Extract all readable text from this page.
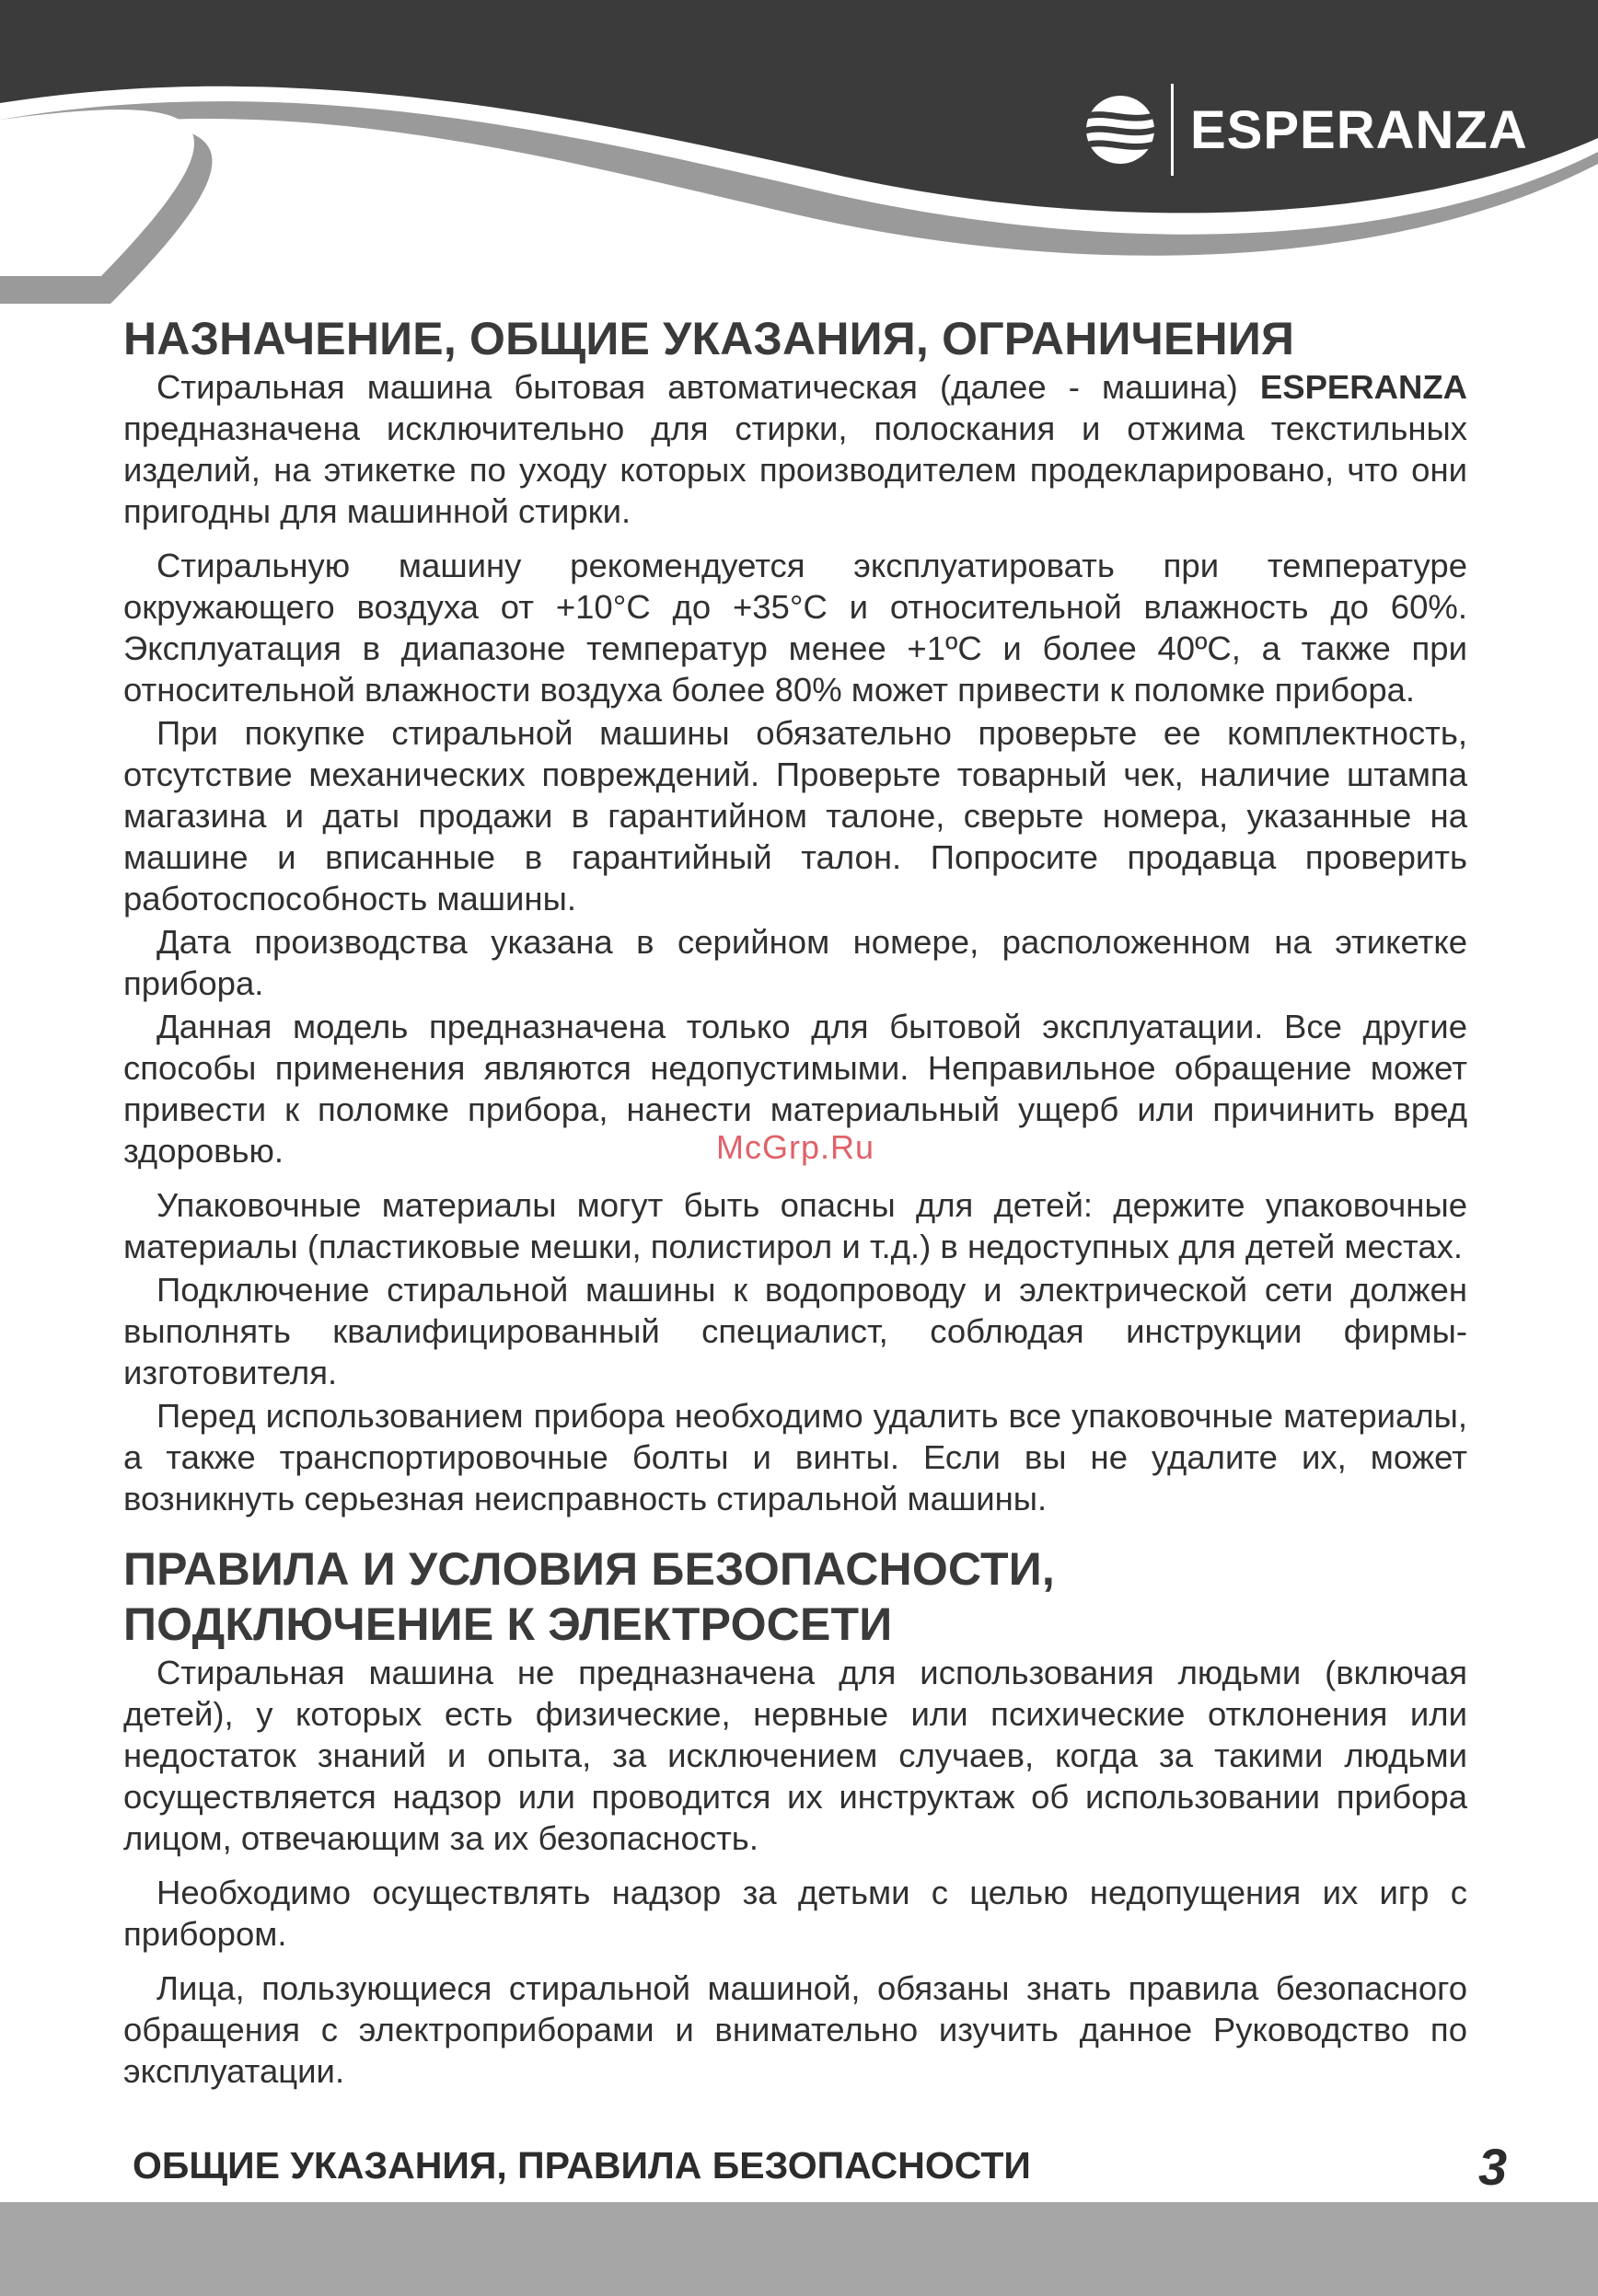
ESPERANZA
НАЗНАЧЕНИЕ, ОБЩИЕ УКАЗАНИЯ, ОГРАНИЧЕНИЯ

Стиральная машина бытовая автоматическая (далее - машина) ESPERANZA предназначена исключительно для стирки, полоскания и отжима текстильных изделий, на этикетке по уходу которых производителем продекларировано, что они пригодны для машинной стирки.

Стиральную машину рекомендуется эксплуатировать при температуре окружающего воздуха от +10°С до +35°С и относительной влажность до 60%. Эксплуатация в диапазоне температур менее +1ºС и более 40ºС, а также при относительной влажности воздуха более 80% может привести к поломке прибора.

При покупке стиральной машины обязательно проверьте ее комплектность, отсутствие механических повреждений. Проверьте товарный чек, наличие штампа магазина и даты продажи в гарантийном талоне, сверьте номера, указанные на машине и вписанные в гарантийный талон. Попросите продавца проверить работоспособность машины.

Дата производства указана в серийном номере, расположенном на этикетке прибора.

Данная модель предназначена только для бытовой эксплуатации. Все другие способы применения являются недопустимыми. Неправильное обращение может привести к поломке прибора, нанести материальный ущерб или причинить вред здоровью.

Упаковочные материалы могут быть опасны для детей: держите упаковочные материалы (пластиковые мешки, полистирол и т.д.) в недоступных для детей местах.

Подключение стиральной машины к водопроводу и электрической сети должен выполнять квалифицированный специалист, соблюдая инструкции фирмы-изготовителя.

Перед использованием прибора необходимо удалить все упаковочные материалы, а также транспортировочные болты и винты. Если вы не удалите их, может возникнуть серьезная неисправность стиральной машины.

ПРАВИЛА И УСЛОВИЯ БЕЗОПАСНОСТИ,
ПОДКЛЮЧЕНИЕ К ЭЛЕКТРОСЕТИ

Стиральная машина не предназначена для использования людьми (включая детей), у которых есть физические, нервные или психические отклонения или недостаток знаний и опыта, за исключением случаев, когда за такими людьми осуществляется надзор или проводится их инструктаж об использовании прибора лицом, отвечающим за их безопасность.

Необходимо осуществлять надзор за детьми с целью недопущения их игр с прибором.

Лица, пользующиеся стиральной машиной, обязаны знать правила безопасного обращения с электроприборами и внимательно изучить данное Руководство по эксплуатации.

McGrp.Ru
ОБЩИЕ УКАЗАНИЯ, ПРАВИЛА БЕЗОПАСНОСТИ	3
